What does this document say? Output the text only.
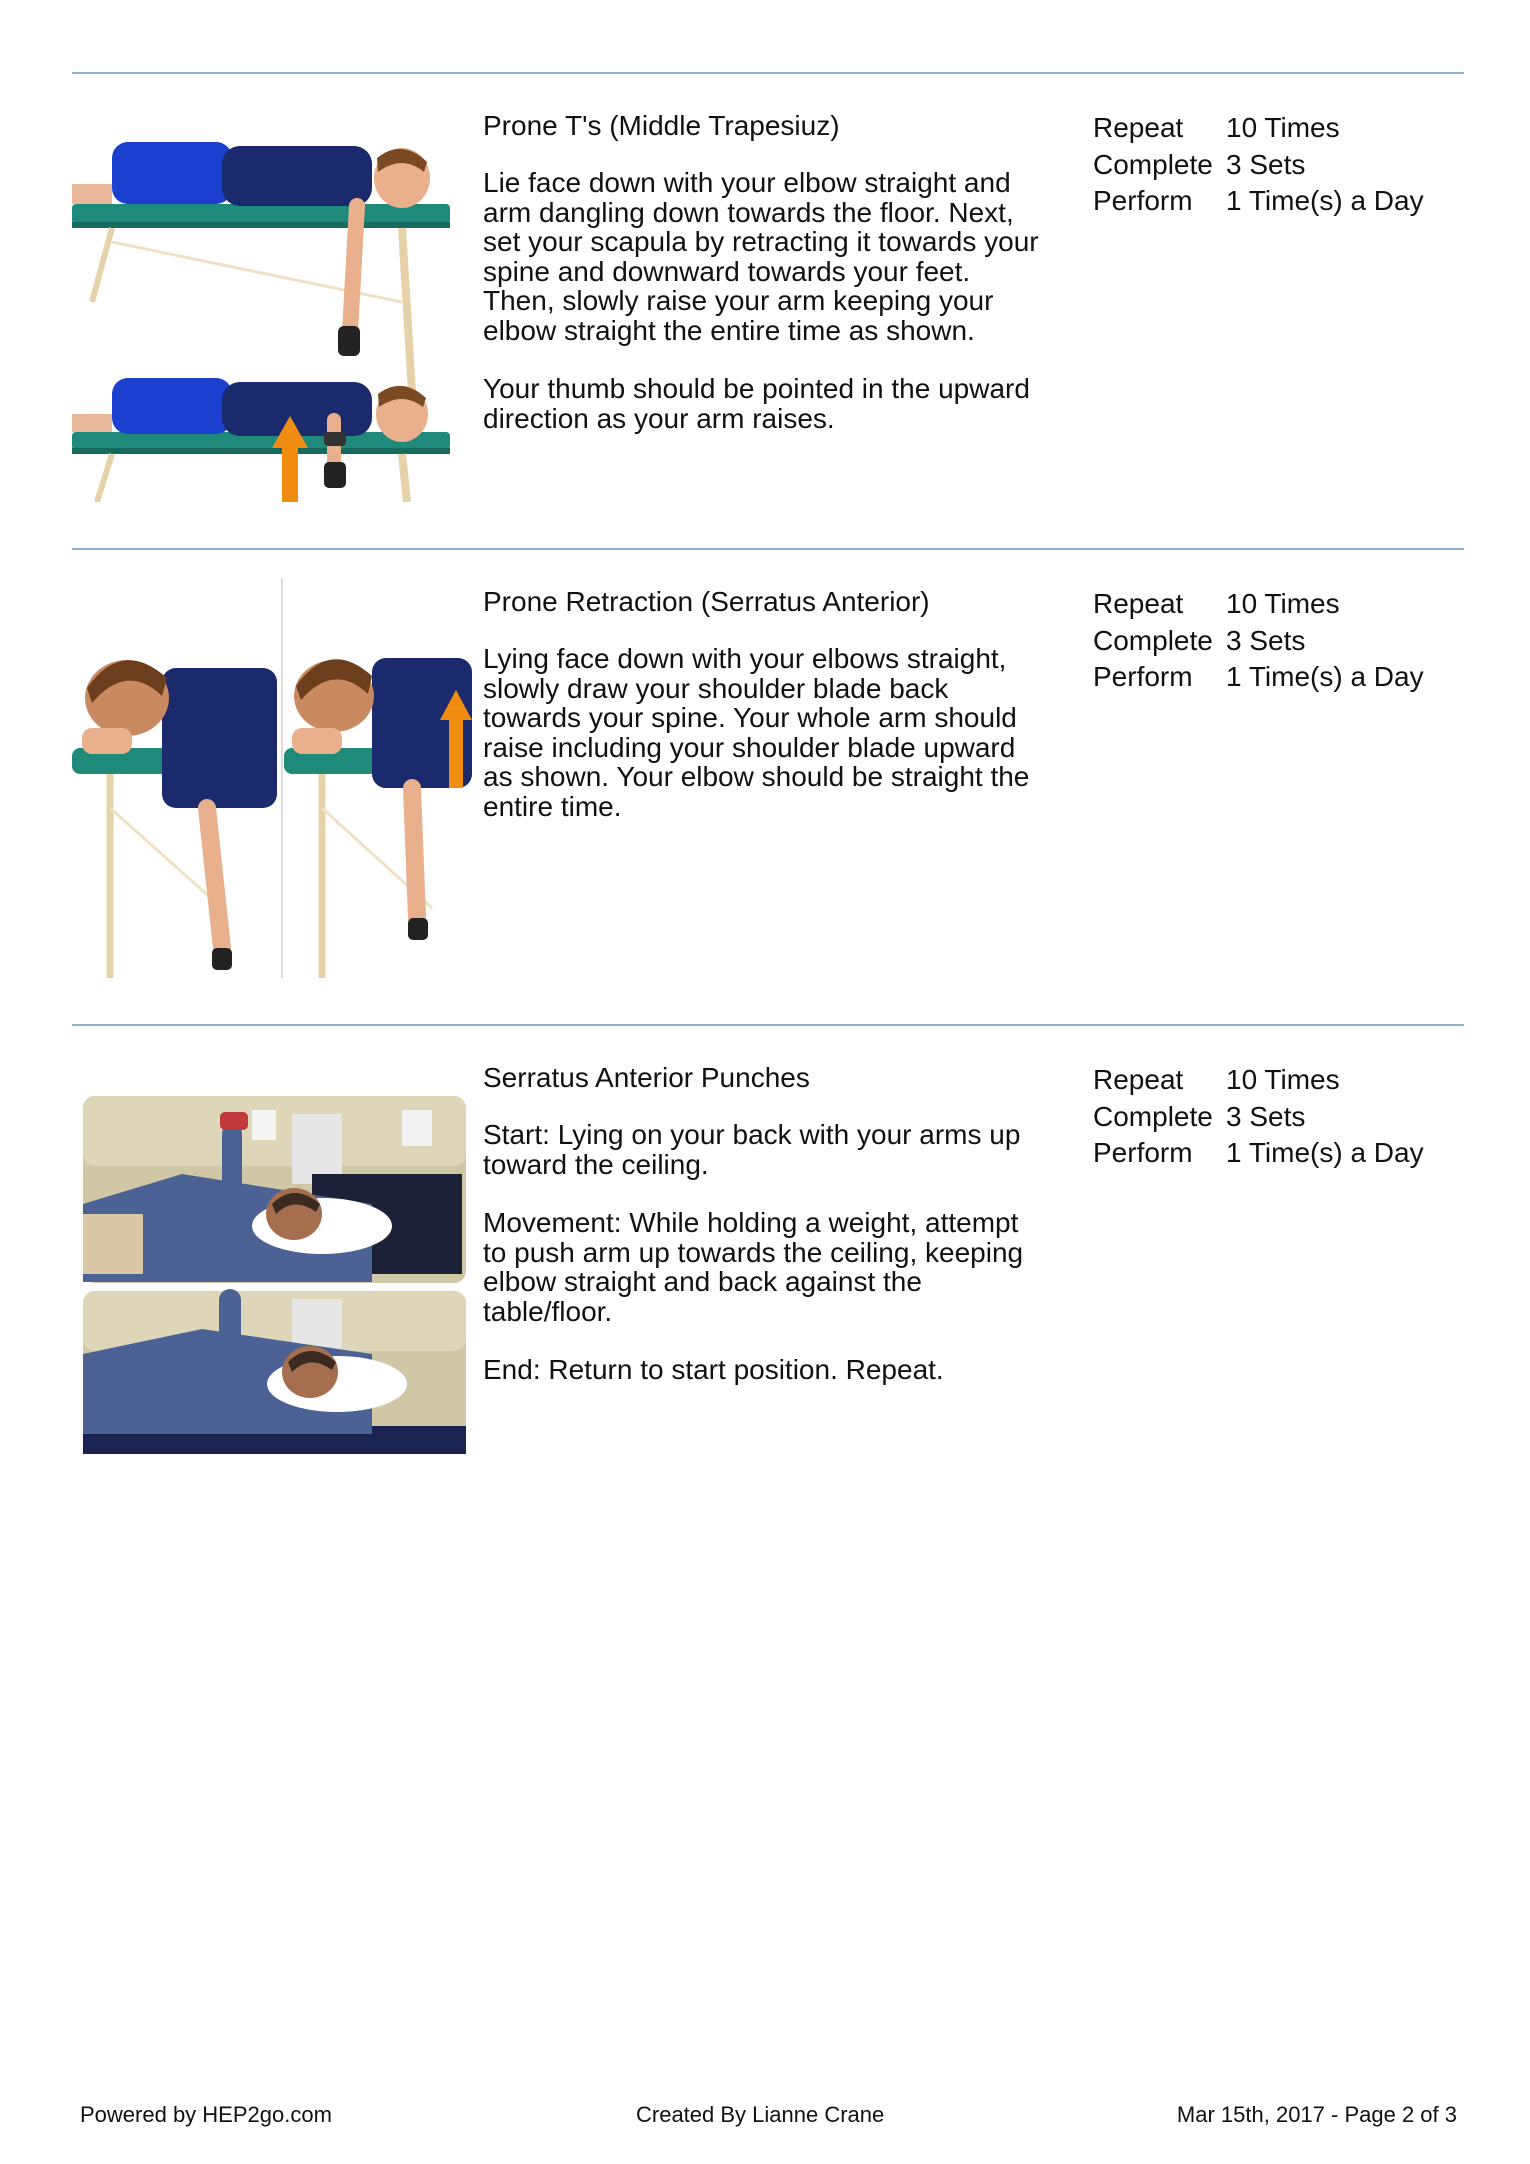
Prone T's (Middle Trapesiuz)

Lie face down with your elbow straight and
arm dangling down towards the floor. Next,
set your scapula by retracting it towards your
spine and downward towards your feet.
Then, slowly raise your arm keeping your
elbow straight the entire time as shown.

Your thumb should be pointed in the upward
direction as your arm raises.

Repeat	10 Times
Complete 3 Sets
Perform	1 Time(s) a Day
Prone Retraction (Serratus Anterior)

Lying face down with your elbows straight,
slowly draw your shoulder blade back
towards your spine. Your whole arm should
raise including your shoulder blade upward
as shown. Your elbow should be straight the
entire time.

Repeat	10 Times
Complete 3 Sets
Perform	1 Time(s) a Day
Serratus Anterior Punches

Start: Lying on your back with your arms up
toward the ceiling.

Movement: While holding a weight, attempt
to push arm up towards the ceiling, keeping
elbow straight and back against the
table/floor.

End: Return to start position. Repeat.

Repeat	10 Times
Complete 3 Sets
Perform	1 Time(s) a Day
Powered by HEP2go.com	Created By Lianne Crane	Mar 15th, 2017 - Page 2 of 3
